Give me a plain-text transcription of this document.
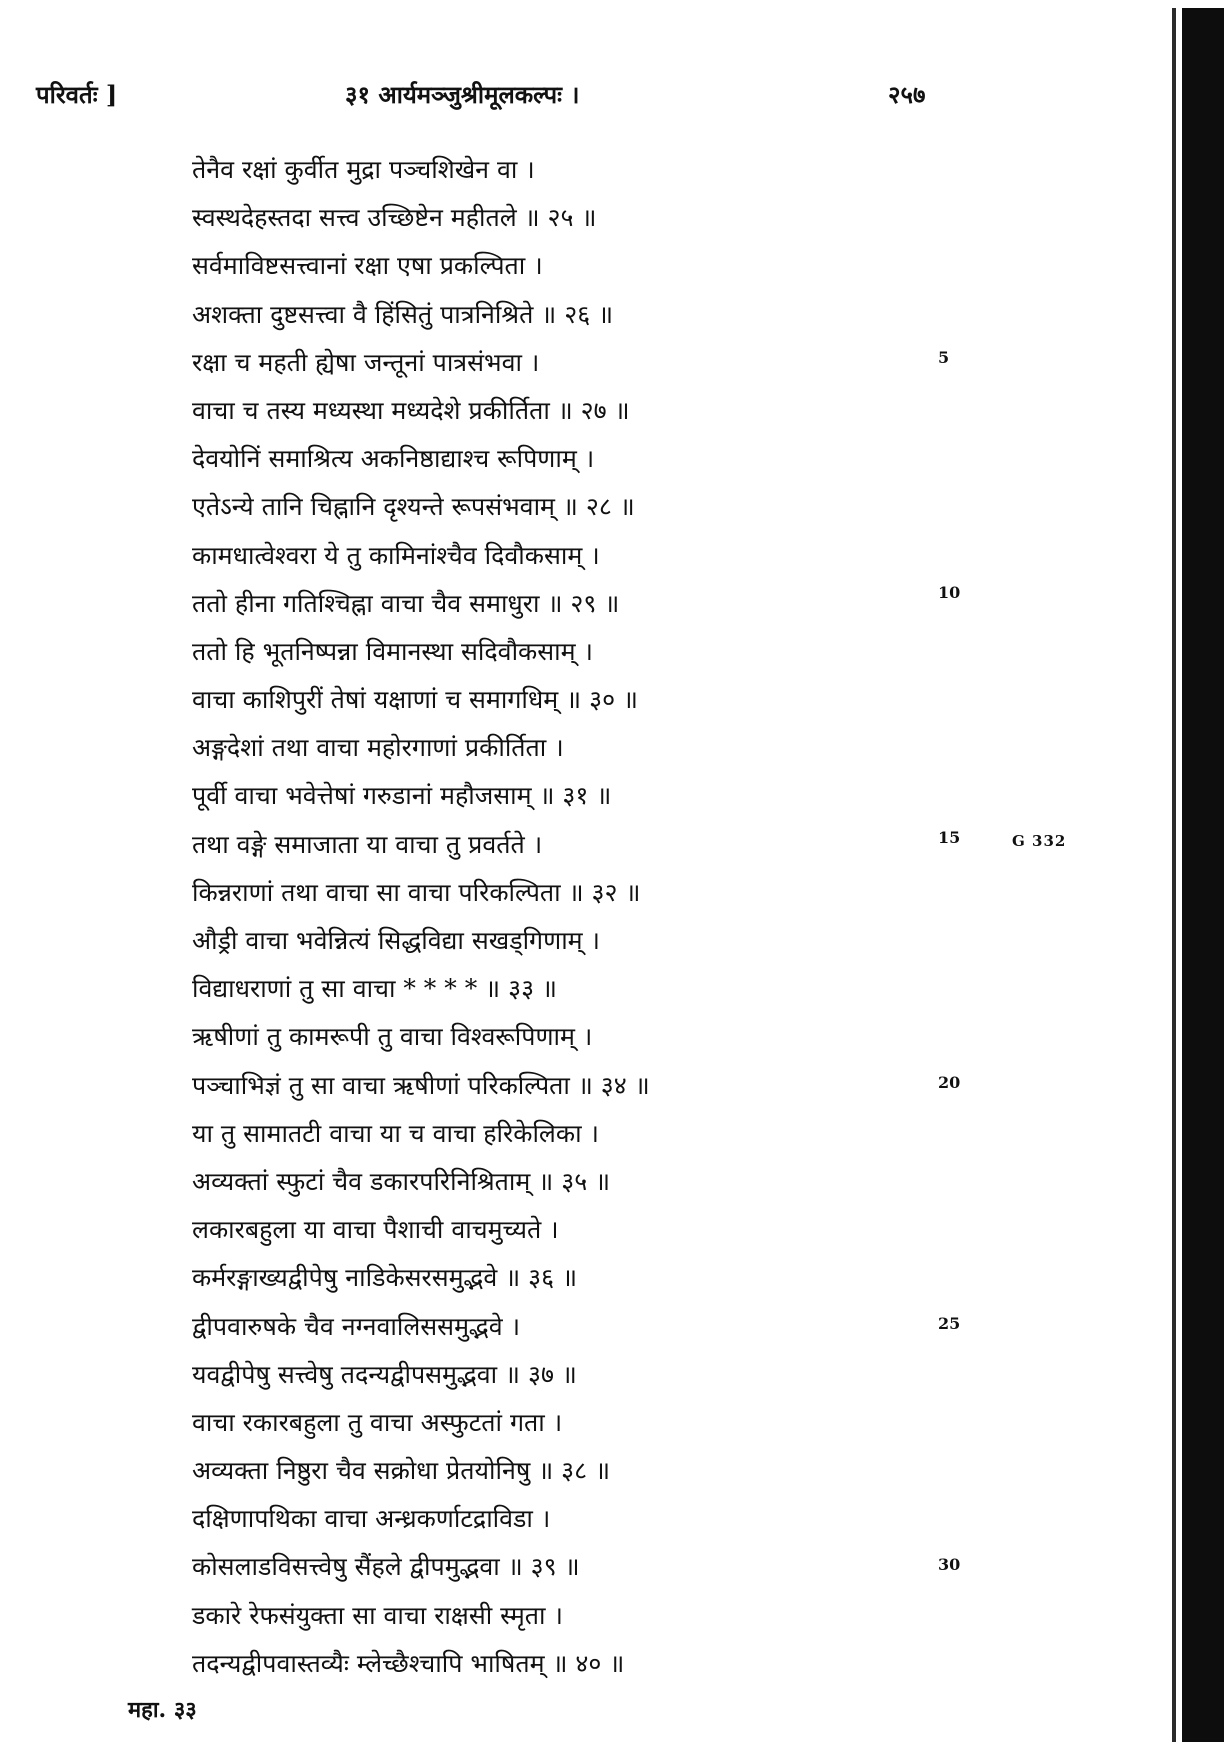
परिवर्तः ]	३१ आर्यमञ्जुश्रीमूलकल्पः ।	२५७
तेनैव रक्षां कुर्वीत मुद्रा पञ्चशिखेन वा ।
स्वस्थदेहस्तदा सत्त्व उच्छिष्टेन महीतले ॥ २५ ॥
सर्वमाविष्टसत्त्वानां रक्षा एषा प्रकल्पिता ।
अशक्ता दुष्टसत्त्वा वै हिंसितुं पात्रनिश्रिते ॥ २६ ॥
रक्षा च महती ह्येषा जन्तूनां पात्रसंभवा ।
वाचा च तस्य मध्यस्था मध्यदेशे प्रकीर्तिता ॥ २७ ॥
देवयोनिं समाश्रित्य अकनिष्ठाद्याश्च रूपिणाम् ।
एतेऽन्ये तानि चिह्नानि दृश्यन्ते रूपसंभवाम् ॥ २८ ॥
कामधात्वेश्वरा ये तु कामिनांश्चैव दिवौकसाम् ।
ततो हीना गतिश्चिह्ना वाचा चैव समाधुरा ॥ २९ ॥
ततो हि भूतनिष्पन्ना विमानस्था सदिवौकसाम् ।
वाचा काशिपुरीं तेषां यक्षाणां च समागधिम् ॥ ३० ॥
अङ्गदेशां तथा वाचा महोरगाणां प्रकीर्तिता ।
पूर्वी वाचा भवेत्तेषां गरुडानां महौजसाम् ॥ ३१ ॥
तथा वङ्गे समाजाता या वाचा तु प्रवर्तते ।
किन्नराणां तथा वाचा सा वाचा परिकल्पिता ॥ ३२ ॥
औड्री वाचा भवेन्नित्यं सिद्धविद्या सखड्गिणाम् ।
विद्याधराणां तु सा वाचा * * * * ॥ ३३ ॥
ऋषीणां तु कामरूपी तु वाचा विश्वरूपिणाम् ।
पञ्चाभिज्ञं तु सा वाचा ऋषीणां परिकल्पिता ॥ ३४ ॥
या तु सामातटी वाचा या च वाचा हरिकेलिका ।
अव्यक्तां स्फुटां चैव डकारपरिनिश्रिताम् ॥ ३५ ॥
लकारबहुला या वाचा पैशाची वाचमुच्यते ।
कर्मरङ्गाख्यद्वीपेषु नाडिकेसरसमुद्भवे ॥ ३६ ॥
द्वीपवारुषके चैव नग्नवालिससमुद्भवे ।
यवद्वीपेषु सत्त्वेषु तदन्यद्वीपसमुद्भवा ॥ ३७ ॥
वाचा रकारबहुला तु वाचा अस्फुटतां गता ।
अव्यक्ता निष्ठुरा चैव सक्रोधा प्रेतयोनिषु ॥ ३८ ॥
दक्षिणापथिका वाचा अन्ध्रकर्णाटद्राविडा ।
कोसलाडविसत्त्वेषु सैंहले द्वीपमुद्भवा ॥ ३९ ॥
डकारे रेफसंयुक्ता सा वाचा राक्षसी स्मृता ।
तदन्यद्वीपवास्तव्यैः म्लेच्छैश्चापि भाषितम् ॥ ४० ॥
5
10
15
20
25
30
G 332
महा. ३३
